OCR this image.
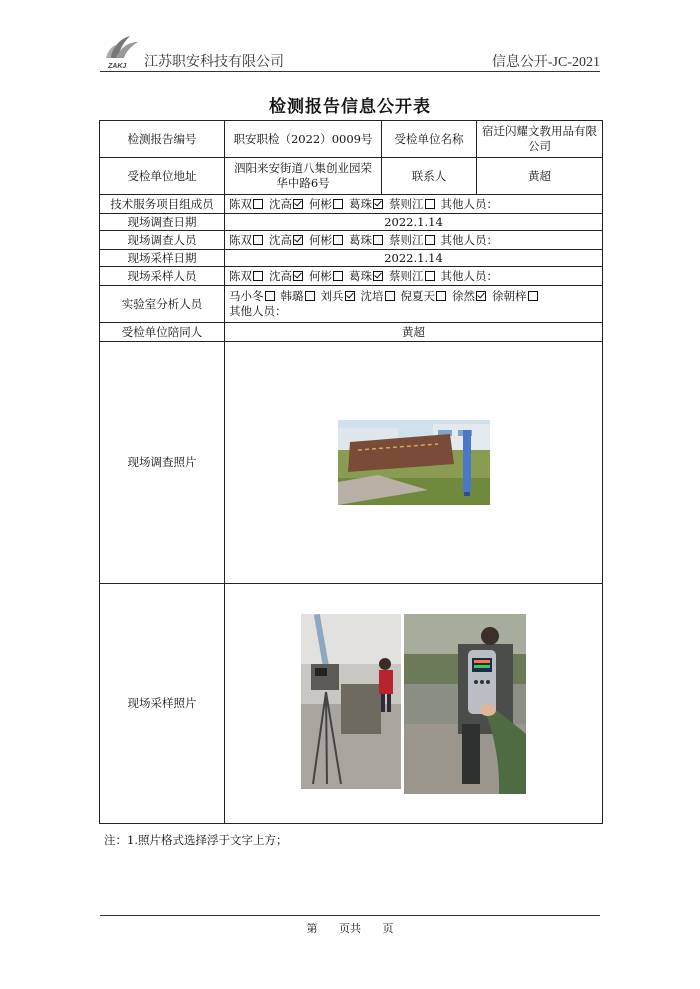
ZAKJ 江苏职安科技有限公司	信息公开-JC-2021
检测报告信息公开表
检测报告编号	职安职检（2022）0009号	受检单位名称	宿迁闪耀文教用品有限公司
受检单位地址	泗阳来安街道八集创业园荣华中路6号	联系人	黄超
技术服务项目组成员	陈双 沈高 何彬 葛珠 蔡则江 其他人员：		
现场调查日期	2022.1.14		
现场调查人员	陈双 沈高 何彬 葛珠 蔡则江 其他人员：		
现场采样日期	2022.1.14		
现场采样人员	陈双 沈高 何彬 葛珠 蔡则江 其他人员：		
实验室分析人员	马小冬 韩璐 刘兵 沈培 倪夏天 徐然 徐朝梓
其他人员：		
受检单位陪同人	黄超		
现场调查照片	

现场采样照片	
注：1.照片格式选择浮于文字上方；
第 页共 页
